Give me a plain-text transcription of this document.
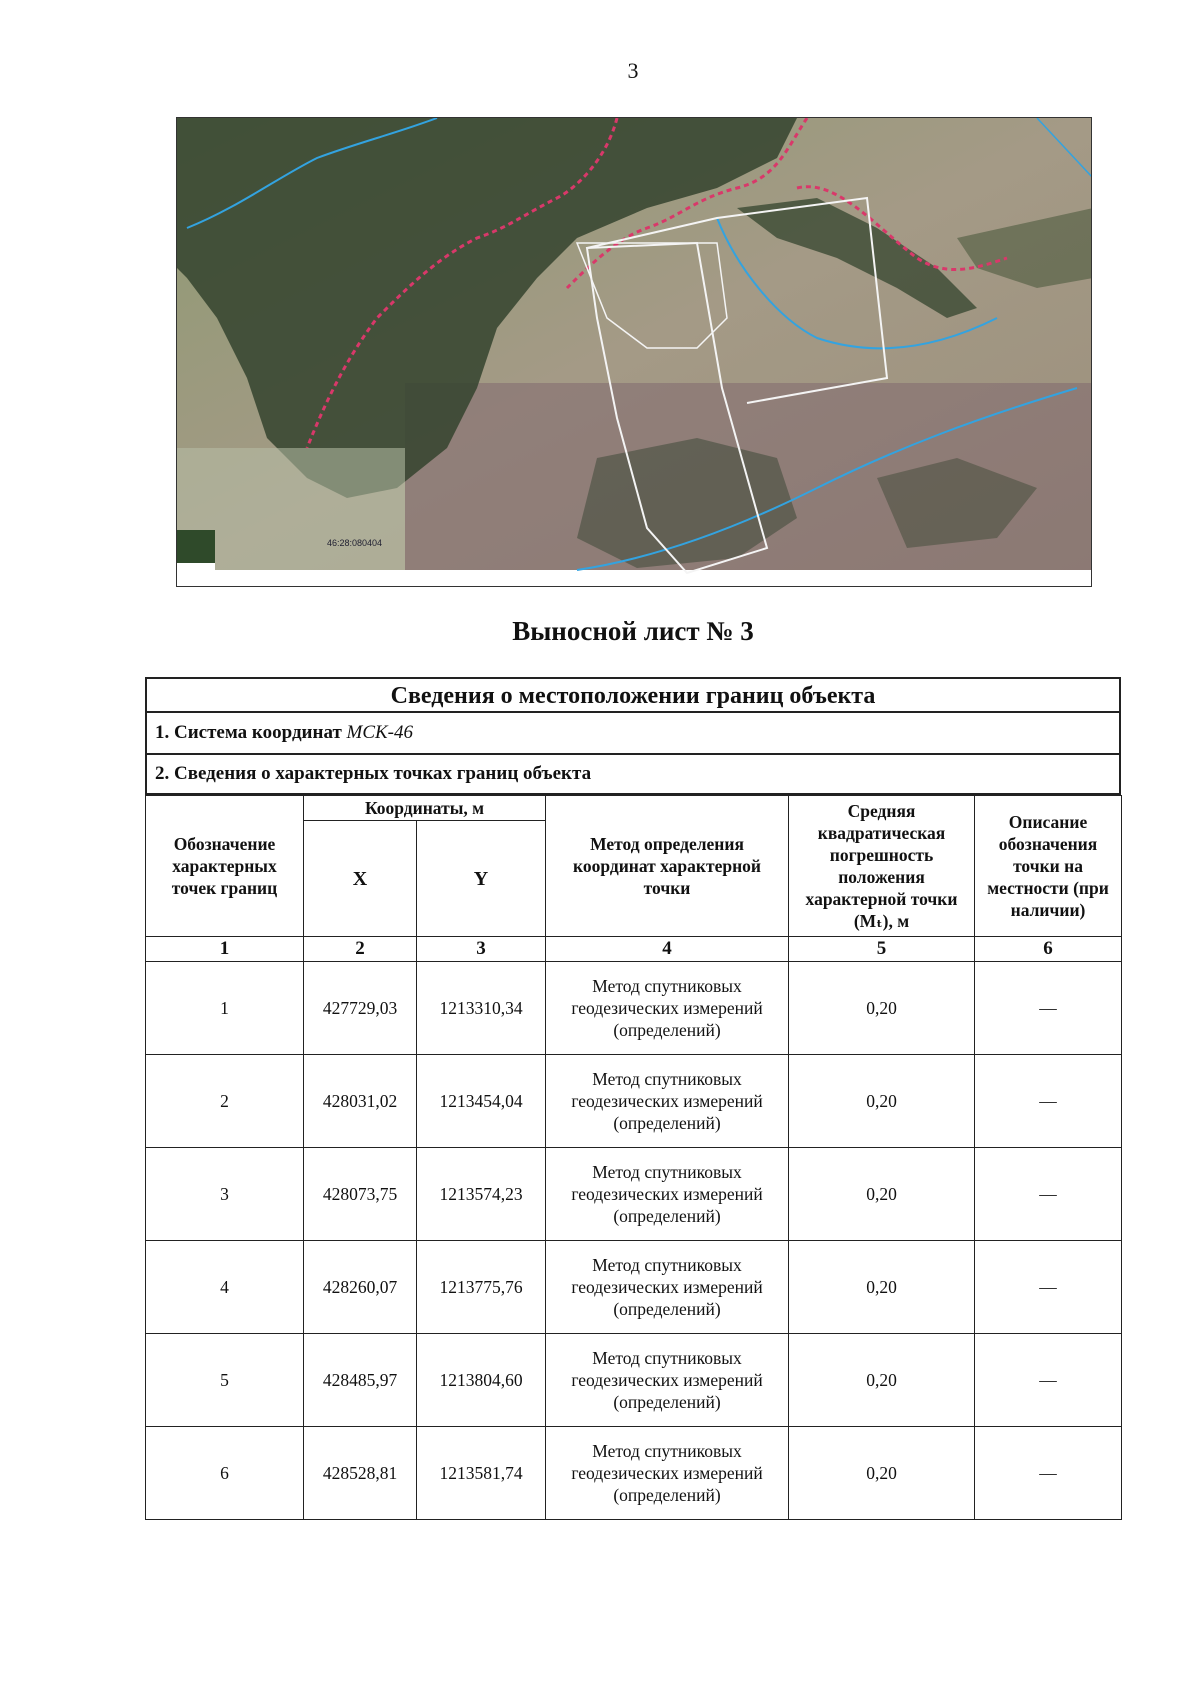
3
46:28:080404
Выносной лист № 3
Сведения о местоположении границ объекта
1. Система координат МСК-46
2. Сведения о характерных точках границ объекта
Обозначение характерных точек границ	Координаты, м		Метод определения координат характерной точки	Средняя квадратическая погрешность положения характерной точки (Mₜ), м	Описание обозначения точки на местности (при наличии)
	X	Y			
1	2	3	4	5	6
1	427729,03	1213310,34	Метод спутниковых геодезических измерений (определений)	0,20	—
2	428031,02	1213454,04	Метод спутниковых геодезических измерений (определений)	0,20	—
3	428073,75	1213574,23	Метод спутниковых геодезических измерений (определений)	0,20	—
4	428260,07	1213775,76	Метод спутниковых геодезических измерений (определений)	0,20	—
5	428485,97	1213804,60	Метод спутниковых геодезических измерений (определений)	0,20	—
6	428528,81	1213581,74	Метод спутниковых геодезических измерений (определений)	0,20	—
